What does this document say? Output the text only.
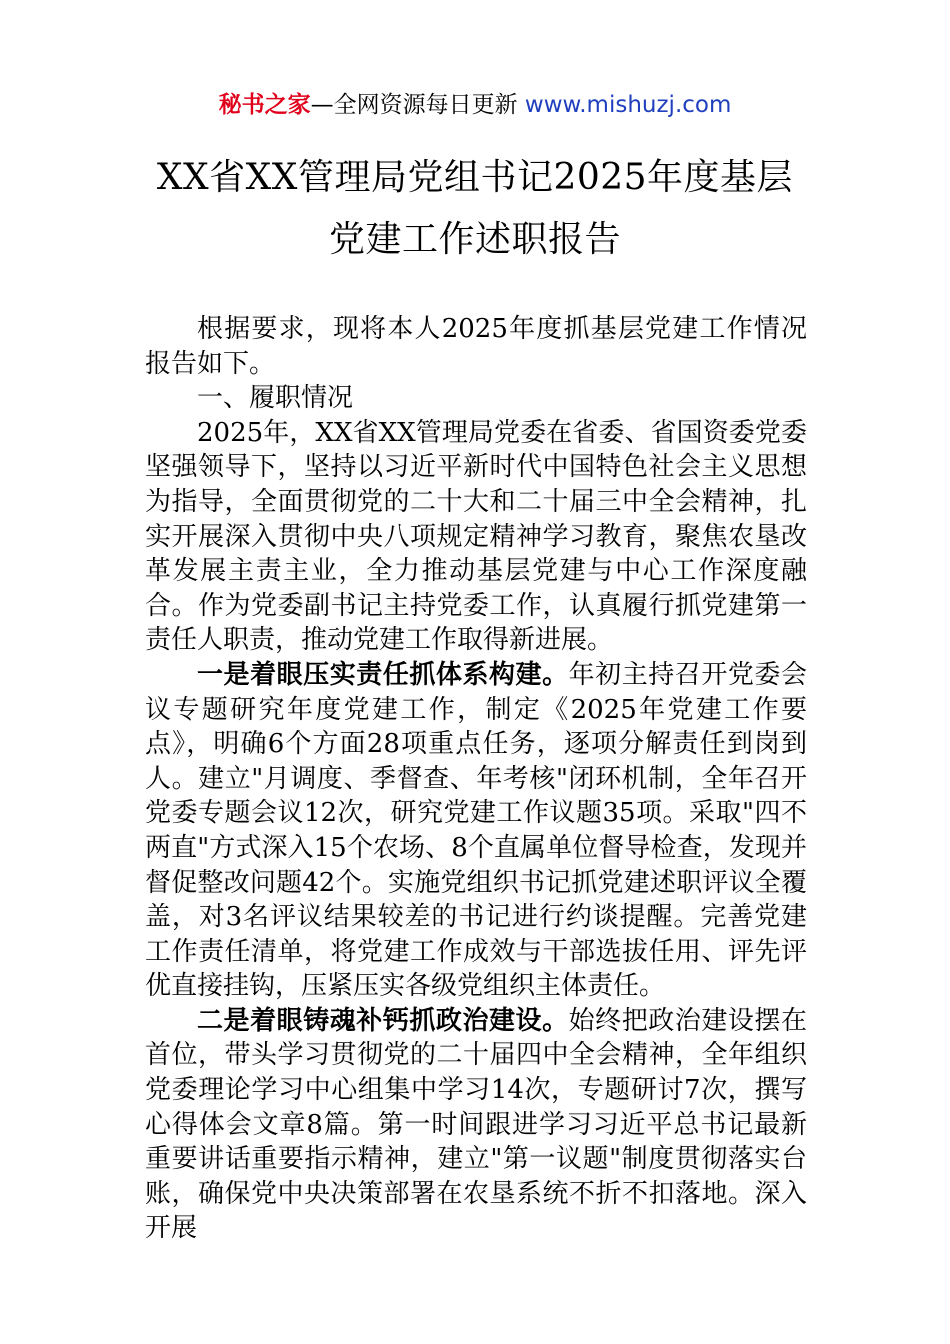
秘书之家—全网资源每日更新 www.mishuzj.com
XX省XX管理局党组书记2025年度基层
党建工作述职报告

根据要求，现将本人2025年度抓基层党建工作情况报告如下。

一、履职情况

2025年，XX省XX管理局党委在省委、省国资委党委坚强领导下，坚持以习近平新时代中国特色社会主义思想为指导，全面贯彻党的二十大和二十届三中全会精神，扎实开展深入贯彻中央八项规定精神学习教育，聚焦农垦改革发展主责主业，全力推动基层党建与中心工作深度融合。作为党委副书记主持党委工作，认真履行抓党建第一责任人职责，推动党建工作取得新进展。

一是着眼压实责任抓体系构建。年初主持召开党委会议专题研究年度党建工作，制定《2025年党建工作要点》，明确6个方面28项重点任务，逐项分解责任到岗到人。建立"月调度、季督查、年考核"闭环机制，全年召开党委专题会议12次，研究党建工作议题35项。采取"四不两直"方式深入15个农场、8个直属单位督导检查，发现并督促整改问题42个。实施党组织书记抓党建述职评议全覆盖，对3名评议结果较差的书记进行约谈提醒。完善党建工作责任清单，将党建工作成效与干部选拔任用、评先评优直接挂钩，压紧压实各级党组织主体责任。

二是着眼铸魂补钙抓政治建设。始终把政治建设摆在首位，带头学习贯彻党的二十届四中全会精神，全年组织党委理论学习中心组集中学习14次，专题研讨7次，撰写心得体会文章8篇。第一时间跟进学习习近平总书记最新重要讲话重要指示精神，建立"第一议题"制度贯彻落实台账，确保党中央决策部署在农垦系统不折不扣落地。深入开展
